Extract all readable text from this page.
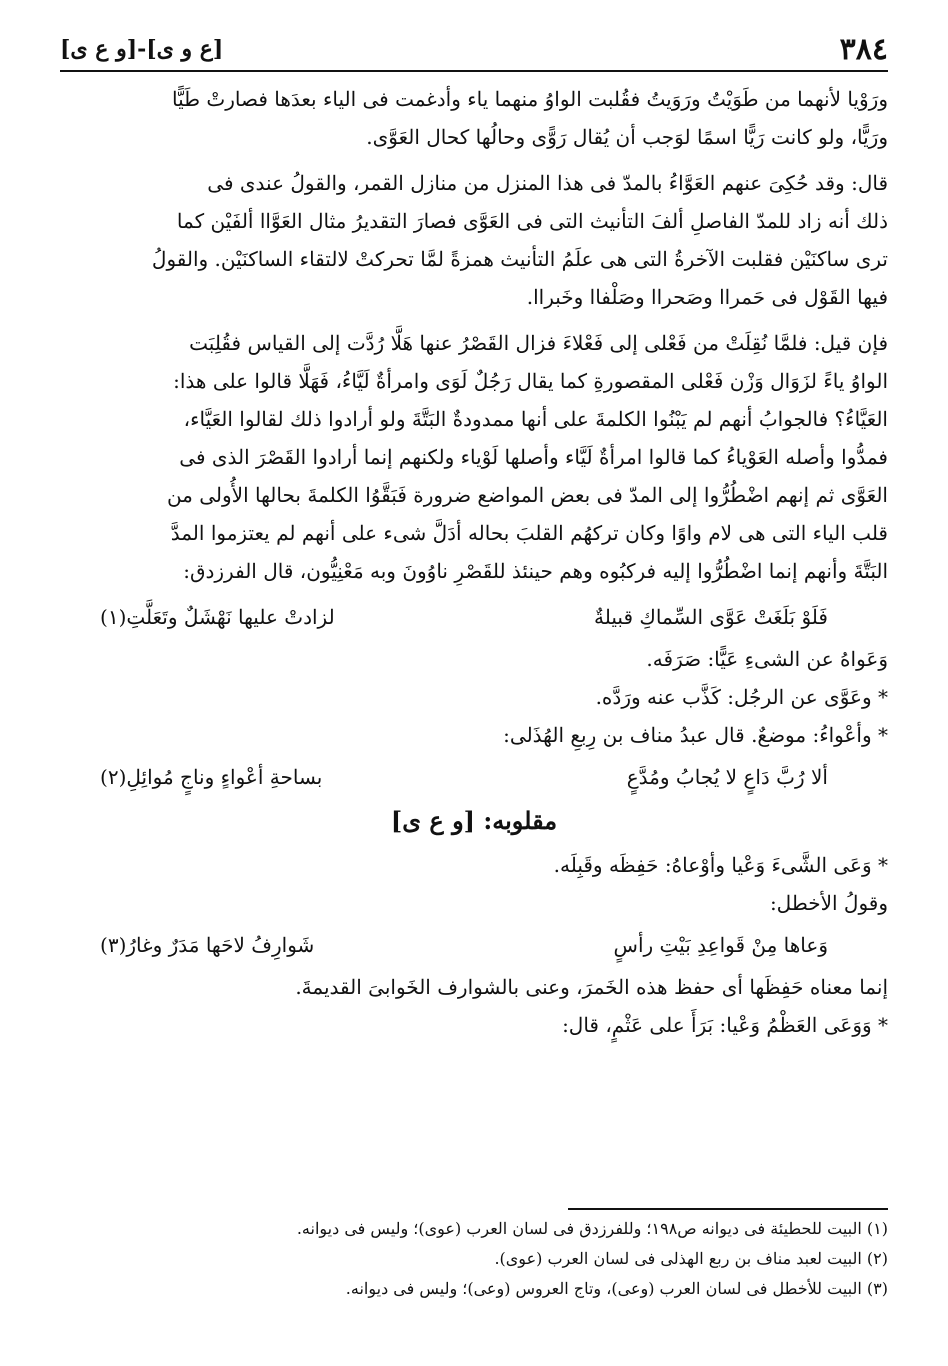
٣٨٤
[ع و ى]-[و ع ى]

ورَوْيا لأنهما من طَوَيْتُ ورَوَيتُ فقُلبت الواوُ منهما ياء وأدغمت فى الياء بعدَها فصارتْ طَيًّا

ورَيًّا، ولو كانت رَيًّا اسمًا لوَجب أن يُقال رَوًّى وحالُها كحال العَوَّى.

قال: وقد حُكِىَ عنهم العَوَّاءُ بالمدّ فى هذا المنزل من منازل القمر، والقولُ عندى فى

ذلك أنه زاد للمدّ الفاصلِ ألفَ التأنيث التى فى العَوَّى فصارَ التقديرُ مثال العَوَّاا ألفَيْن كما

ترى ساكنَيْن فقلبت الآخرةُ التى هى علَمُ التأنيث همزةً لمَّا تحركتْ لالتقاء الساكنَيْن. والقولُ

فيها القَوْل فى حَمراا وصَحراا وصَلْفاا وخَبراا.

فإن قيل: فلمَّا نُقِلَتْ من فَعْلى إلى فَعْلاءَ فزال القَصْرُ عنها هَلَّا رُدَّت إلى القياس فقُلِبَت

الواوُ ياءً لزَوَال وَزْن فَعْلى المقصورةِ كما يقال رَجُلٌ لَوَى وامرأةٌ لَيَّاءُ، فَهَلَّا قالوا على هذا:

العَيَّاءُ؟ فالجوابُ أنهم لم يَبْنُوا الكلمةَ على أنها ممدودةٌ البَتَّةَ ولو أرادوا ذلك لقالوا العَيَّاء،

فمدُّوا وأصله العَوْياءُ كما قالوا امرأةٌ لَيَّاء وأصلها لَوْياء ولكنهم إنما أرادوا القَصْرَ الذى فى

العَوَّى ثم إنهم اضْطُرُّوا إلى المدّ فى بعض المواضع ضرورة فَبَقَّوُا الكلمةَ بحالها الأُولى من

قلب الياء التى هى لام واوًا وكان تركهُم القلبَ بحاله أدَلَّ شىء على أنهم لم يعتزموا المدَّ

البَتَّةَ وأنهم إنما اضْطُرُّوا إليه فركبُوه وهم حينئذ للقَصْرِ ناوُونَ وبه مَعْنِيُّون، قال الفرزدق:

فَلَوْ بَلَغَتْ عَوَّى السِّماكِ قبيلةٌ
لزادتْ عليها نَهْشَلٌ وتَعَلَّتِ(١)

وَعَواهُ عن الشىءِ عَيًّا: صَرَفَه.

* وعَوَّى عن الرجُل: كَذَّب عنه ورَدَّه.

* وأعْواءُ: موضعٌ. قال عبدُ مناف بن رِبعِ الهُذَلى:

ألا رُبَّ دَاعٍ لا يُجابُ ومُدَّعٍ
بساحةِ أعْواءٍ وناجٍ مُوائِلِ(٢)
مقلوبه: [و ع ى]

* وَعَى الشَّىءَ وَعْيا وأوْعاهُ: حَفِظَه وقَبِلَه.

وقولُ الأخطل:

وَعاها مِنْ قَواعِدِ بَيْتِ رأسٍ
شَوارِفُ لاحَها مَدَرٌ وغارُ(٣)

إنما معناه حَفِظَها أى حفظ هذه الخَمرَ، وعنى بالشوارف الخَوابىَ القديمةَ.

* وَوَعَى العَظْمُ وَعْيا: بَرَأَ على عَثْمٍ، قال:

(١) البيت للحطيئة فى ديوانه ص١٩٨؛ وللفرزدق فى لسان العرب (عوى)؛ وليس فى ديوانه.
(٢) البيت لعبد مناف بن ربع الهذلى فى لسان العرب (عوى).
(٣) البيت للأخطل فى لسان العرب (وعى)، وتاج العروس (وعى)؛ وليس فى ديوانه.
